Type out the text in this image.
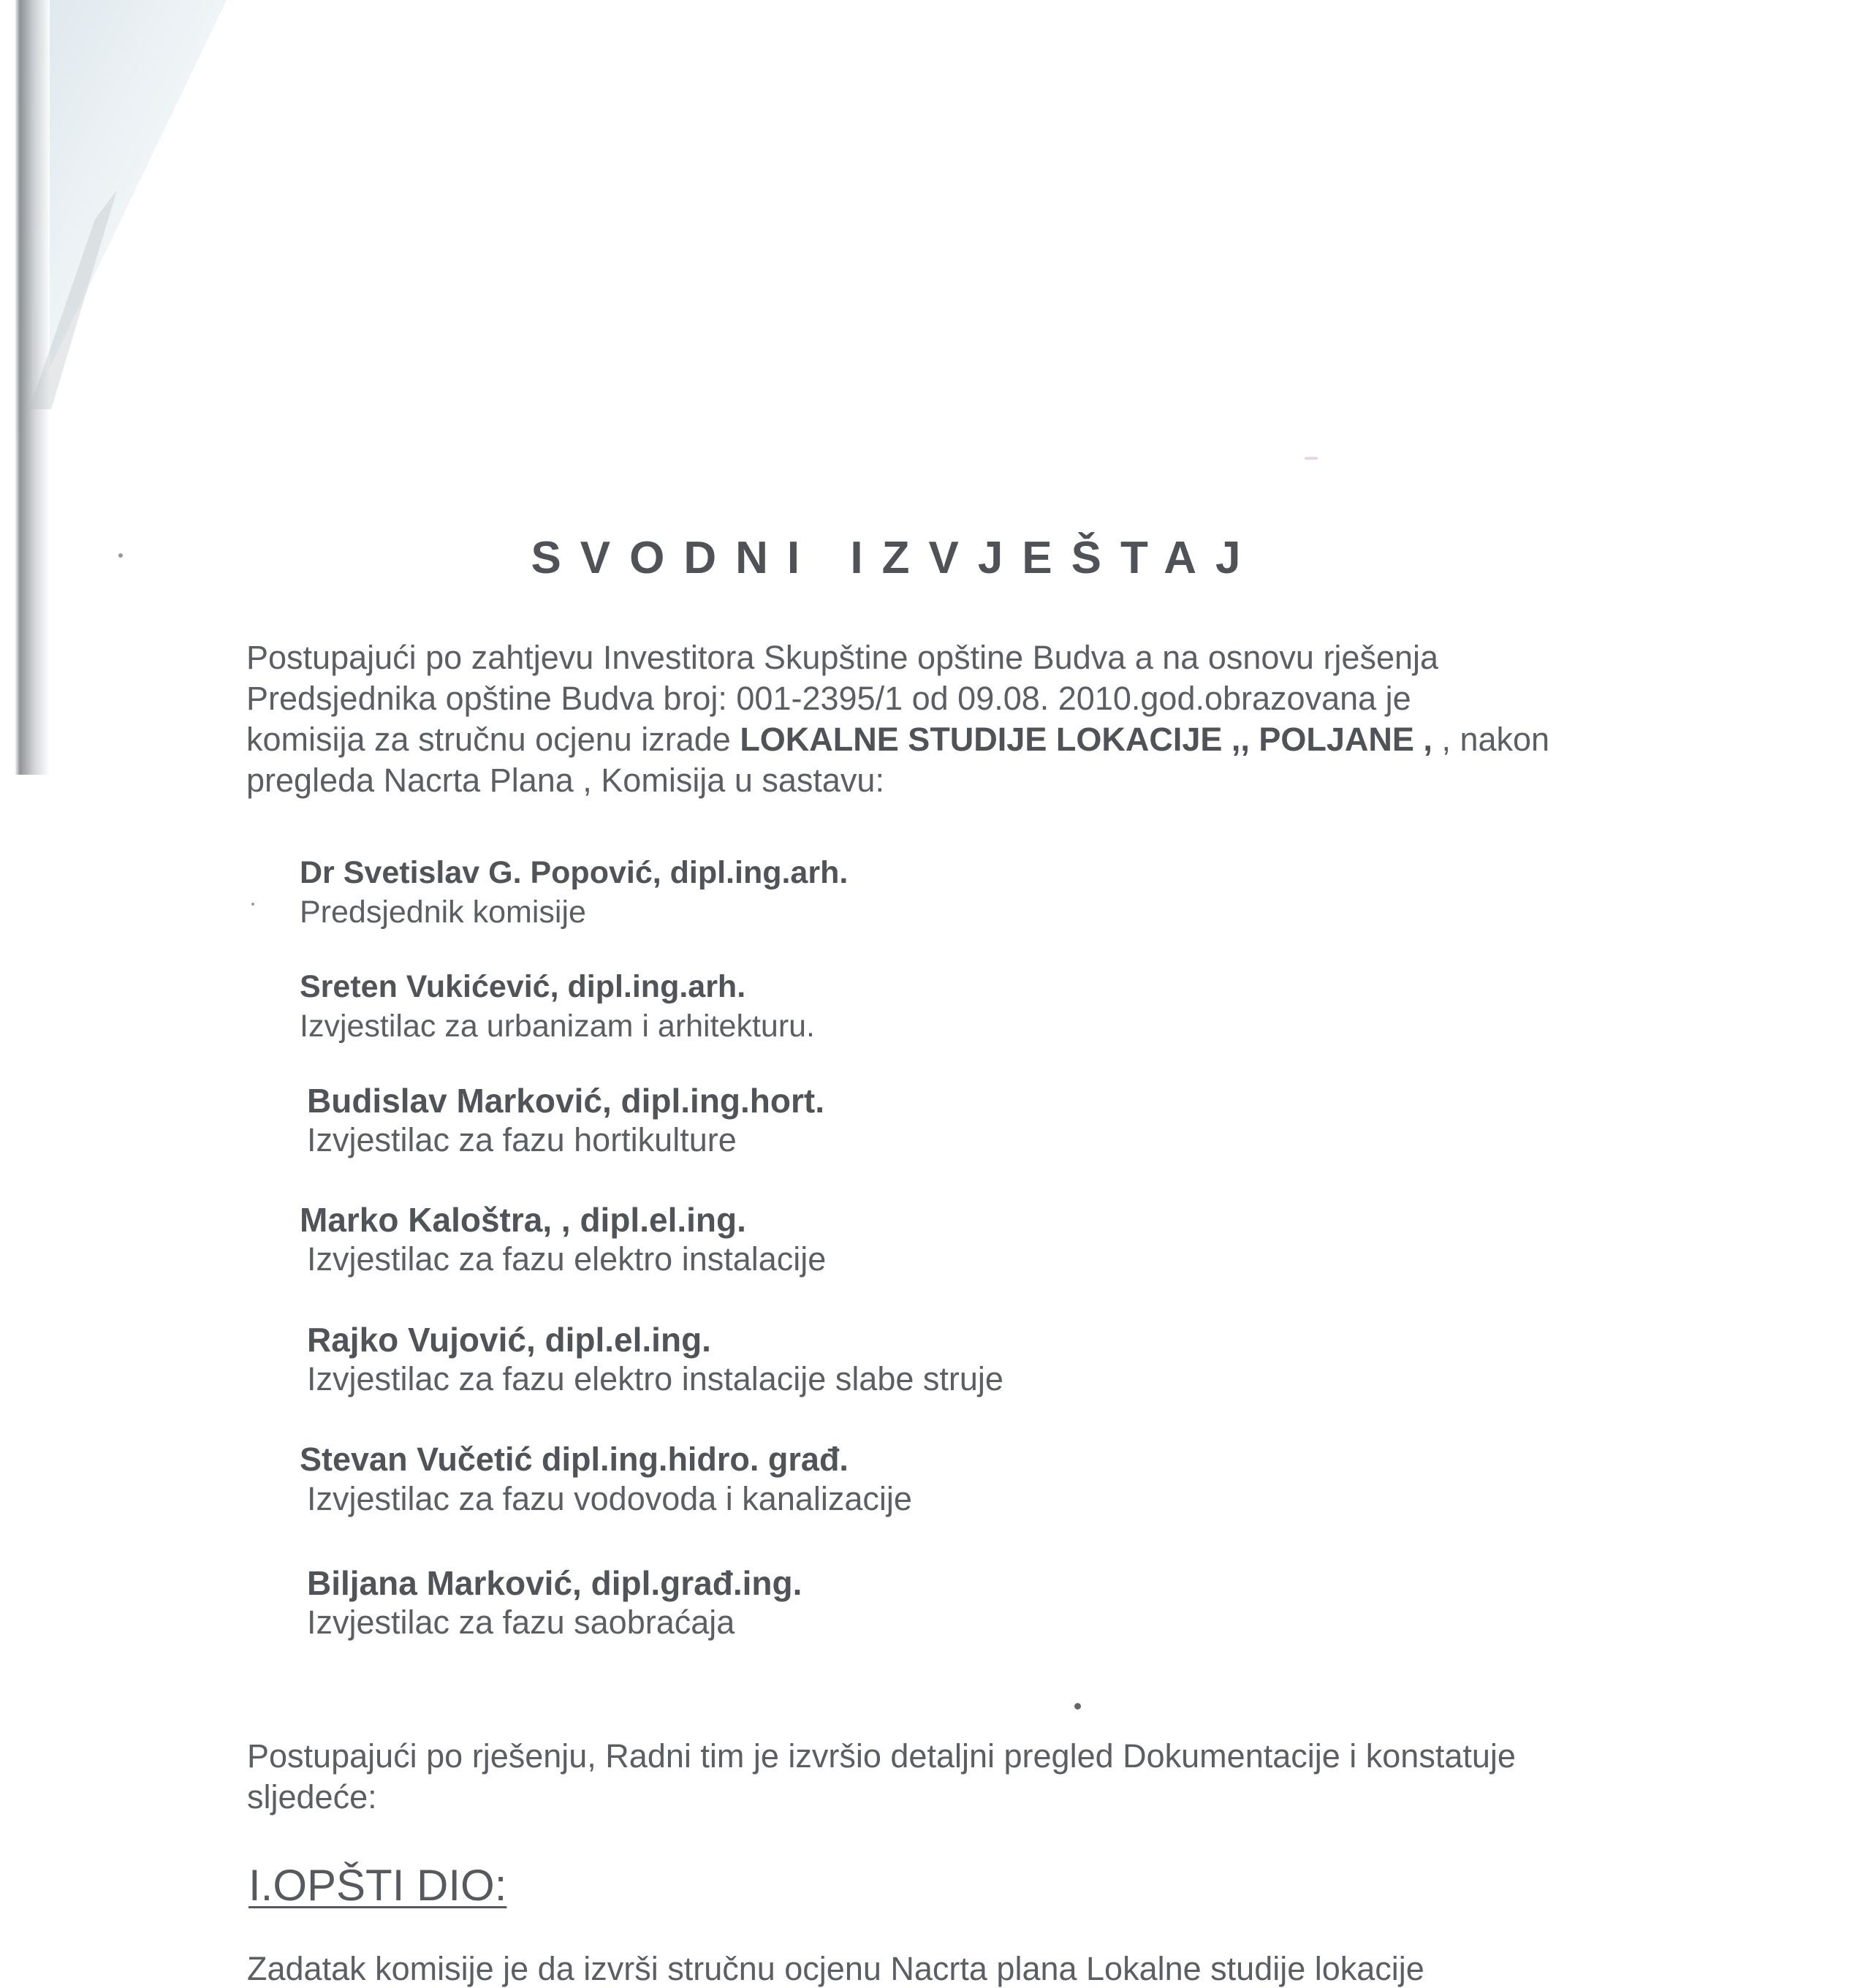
SVODNI IZVJEŠTAJ
Postupajući po zahtjevu Investitora Skupštine opštine Budva a na osnovu rješenja
Predsjednika opštine Budva broj: 001-2395/1 od 09.08. 2010.god.obrazovana je
komisija za stručnu ocjenu izrade LOKALNE STUDIJE LOKACIJE ,, POLJANE , , nakon
pregleda Nacrta Plana , Komisija u sastavu:
Dr Svetislav G. Popović, dipl.ing.arh.
Predsjednik komisije
Sreten Vukićević, dipl.ing.arh.
Izvjestilac za urbanizam i arhitekturu.
Budislav Marković, dipl.ing.hort.
Izvjestilac za fazu hortikulture
Marko Kaloštra, , dipl.el.ing.
Izvjestilac za fazu elektro instalacije
Rajko Vujović, dipl.el.ing.
Izvjestilac za fazu elektro instalacije slabe struje
Stevan Vučetić dipl.ing.hidro. građ.
Izvjestilac za fazu vodovoda i kanalizacije
Biljana Marković, dipl.građ.ing.
Izvjestilac za fazu saobraćaja
Postupajući po rješenju, Radni tim je izvršio detaljni pregled Dokumentacije i konstatuje
sljedeće:
I.OPŠTI DIO:
Zadatak komisije je da izvrši stručnu ocjenu Nacrta plana Lokalne studije lokacije
